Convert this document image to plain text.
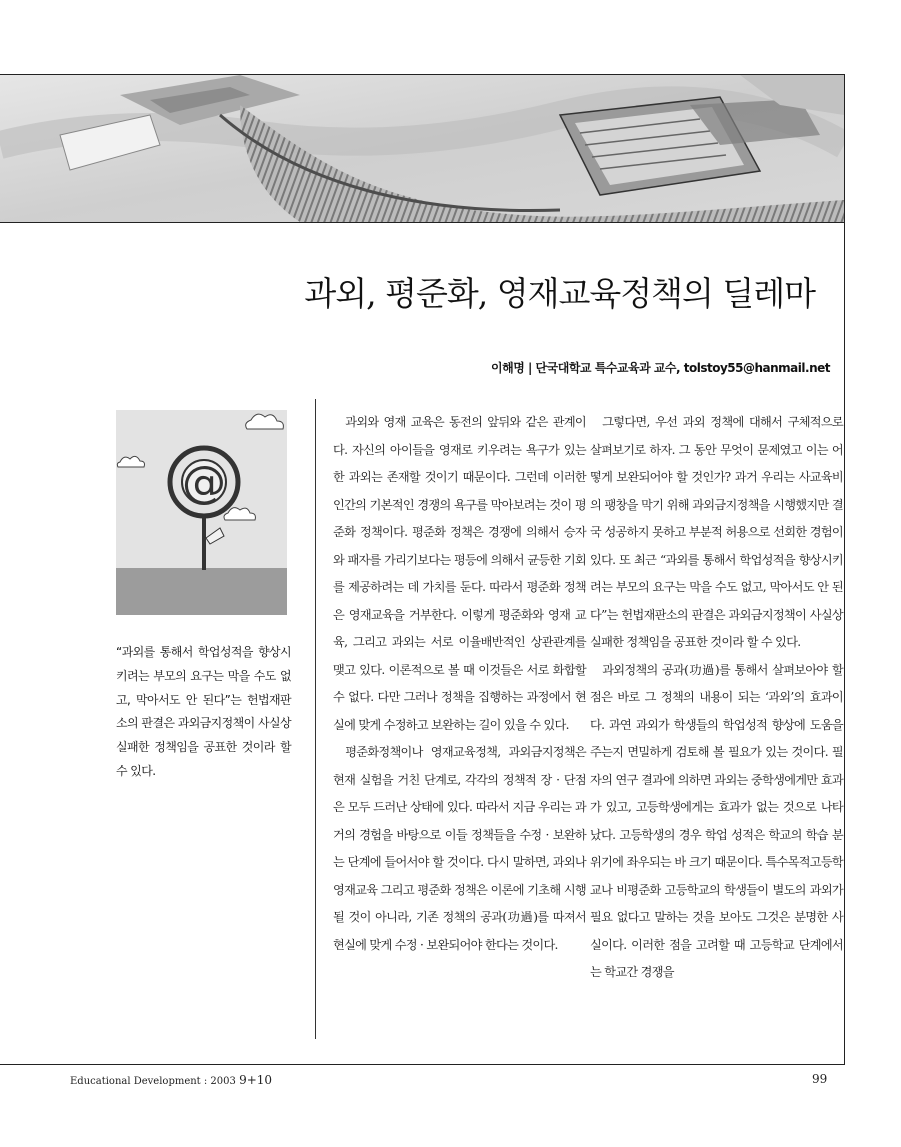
과외, 평준화, 영재교육정책의 딜레마
이해명 | 단국대학교 특수교육과 교수, tolstoy55@hanmail.net
@
“과외를 통해서 학업성적을 향상시키려는 부모의 요구는 막을 수도 없고, 막아서도 안 된다”는 헌법재판소의 판결은 과외금지정책이 사실상 실패한 정책임을 공표한 것이라 할 수 있다.

과외와 영재 교육은 동전의 앞뒤와 같은 관계이다. 자신의 아이들을 영재로 키우려는 욕구가 있는 한 과외는 존재할 것이기 때문이다. 그런데 이러한 인간의 기본적인 경쟁의 욕구를 막아보려는 것이 평준화 정책이다. 평준화 정책은 경쟁에 의해서 승자와 패자를 가리기보다는 평등에 의해서 균등한 기회를 제공하려는 데 가치를 둔다. 따라서 평준화 정책은 영재교육을 거부한다. 이렇게 평준화와 영재 교육, 그리고 과외는 서로 이율배반적인 상관관계를 맺고 있다. 이론적으로 볼 때 이것들은 서로 화합할 수 없다. 다만 그러나 정책을 집행하는 과정에서 현실에 맞게 수정하고 보완하는 길이 있을 수 있다.

평준화정책이나 영재교육정책, 과외금지정책은 현재 실험을 거친 단계로, 각각의 정책적 장 · 단점은 모두 드러난 상태에 있다. 따라서 지금 우리는 과거의 경험을 바탕으로 이들 정책들을 수정 · 보완하는 단계에 들어서야 할 것이다. 다시 말하면, 과외나 영재교육 그리고 평준화 정책은 이론에 기초해 시행될 것이 아니라, 기존 정책의 공과(功過)를 따져서 현실에 맞게 수정 · 보완되어야 한다는 것이다.

그렇다면, 우선 과외 정책에 대해서 구체적으로 살펴보기로 하자. 그 동안 무엇이 문제였고 이는 어떻게 보완되어야 할 것인가? 과거 우리는 사교육비의 팽창을 막기 위해 과외금지정책을 시행했지만 결국 성공하지 못하고 부분적 허용으로 선회한 경험이 있다. 또 최근 “과외를 통해서 학업성적을 향상시키려는 부모의 요구는 막을 수도 없고, 막아서도 안 된다”는 헌법재판소의 판결은 과외금지정책이 사실상 실패한 정책임을 공표한 것이라 할 수 있다.

과외정책의 공과(功過)를 통해서 살펴보아야 할 점은 바로 그 정책의 내용이 되는 ‘과외’의 효과이다. 과연 과외가 학생들의 학업성적 향상에 도움을 주는지 면밀하게 검토해 볼 필요가 있는 것이다. 필자의 연구 결과에 의하면 과외는 중학생에게만 효과가 있고, 고등학생에게는 효과가 없는 것으로 나타났다. 고등학생의 경우 학업 성적은 학교의 학습 분위기에 좌우되는 바 크기 때문이다. 특수목적고등학교나 비평준화 고등학교의 학생들이 별도의 과외가 필요 없다고 말하는 것을 보아도 그것은 분명한 사실이다. 이러한 점을 고려할 때 고등학교 단계에서는 학교간 경쟁을

Educational Development : 2003 9+10	99
